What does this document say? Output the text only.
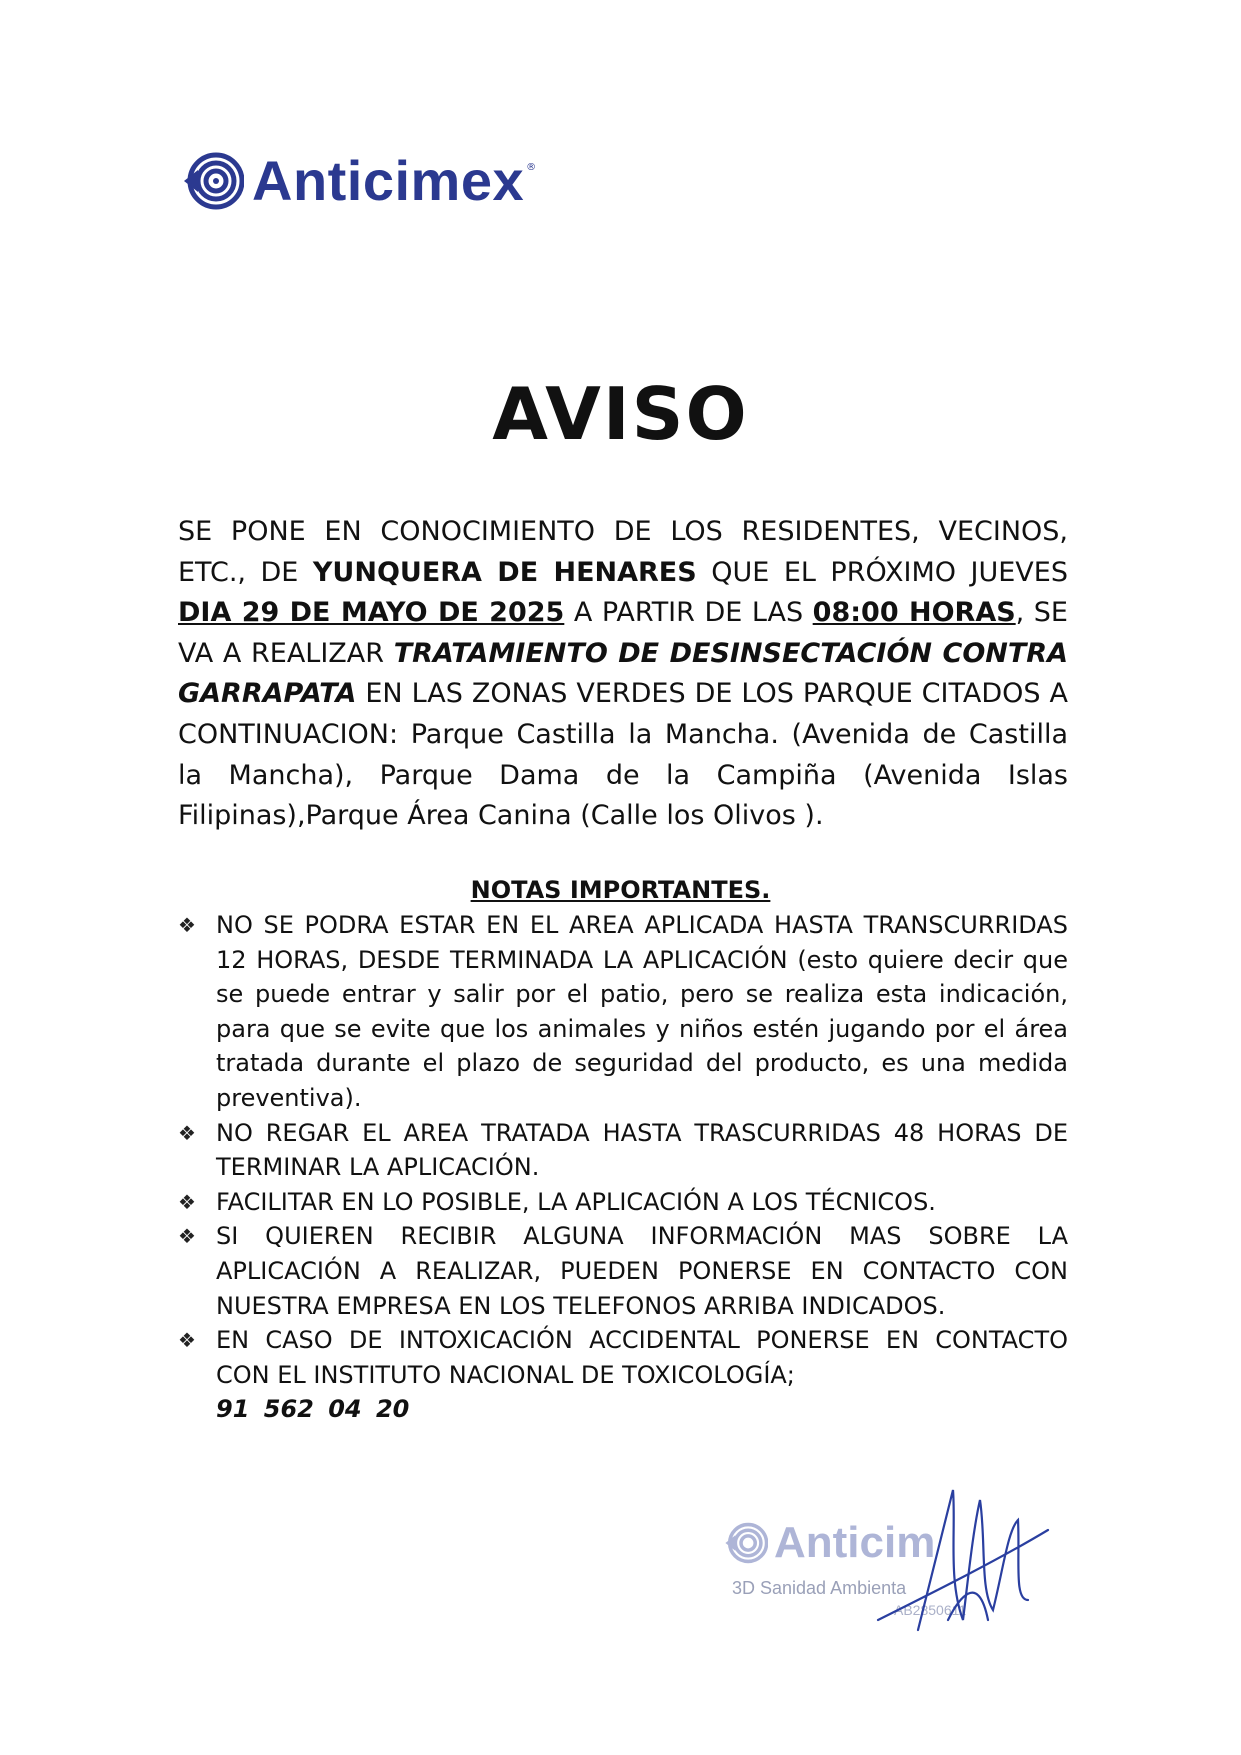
Anticimex ®
AVISO
SE PONE EN CONOCIMIENTO DE LOS RESIDENTES, VECINOS, ETC., DE YUNQUERA DE HENARES QUE EL PRÓXIMO JUEVES DIA 29 DE MAYO DE 2025 A PARTIR DE LAS 08:00 HORAS, SE VA A REALIZAR TRATAMIENTO DE DESINSECTACIÓN CONTRA GARRAPATA EN LAS ZONAS VERDES DE LOS PARQUE CITADOS A CONTINUACION: Parque Castilla la Mancha. (Avenida de Castilla la Mancha), Parque Dama de la Campiña (Avenida Islas Filipinas),Parque Área Canina (Calle los Olivos ).
NOTAS IMPORTANTES.
❖ NO SE PODRA ESTAR EN EL AREA APLICADA HASTA TRANSCURRIDAS 12 HORAS, DESDE TERMINADA LA APLICACIÓN (esto quiere decir que se puede entrar y salir por el patio, pero se realiza esta indicación, para que se evite que los animales y niños estén jugando por el área tratada durante el plazo de seguridad del producto, es una medida preventiva).
❖ NO REGAR EL AREA TRATADA HASTA TRASCURRIDAS 48 HORAS DE TERMINAR LA APLICACIÓN.
❖ FACILITAR EN LO POSIBLE, LA APLICACIÓN A LOS TÉCNICOS.
❖ SI QUIEREN RECIBIR ALGUNA INFORMACIÓN MAS SOBRE LA APLICACIÓN A REALIZAR, PUEDEN PONERSE EN CONTACTO CON NUESTRA EMPRESA EN LOS TELEFONOS ARRIBA INDICADOS.
❖ EN CASO DE INTOXICACIÓN ACCIDENTAL PONERSE EN CONTACTO CON EL INSTITUTO NACIONAL DE TOXICOLOGÍA;
91 562 04 20
Anticim
3D Sanidad Ambienta
AB2850611
